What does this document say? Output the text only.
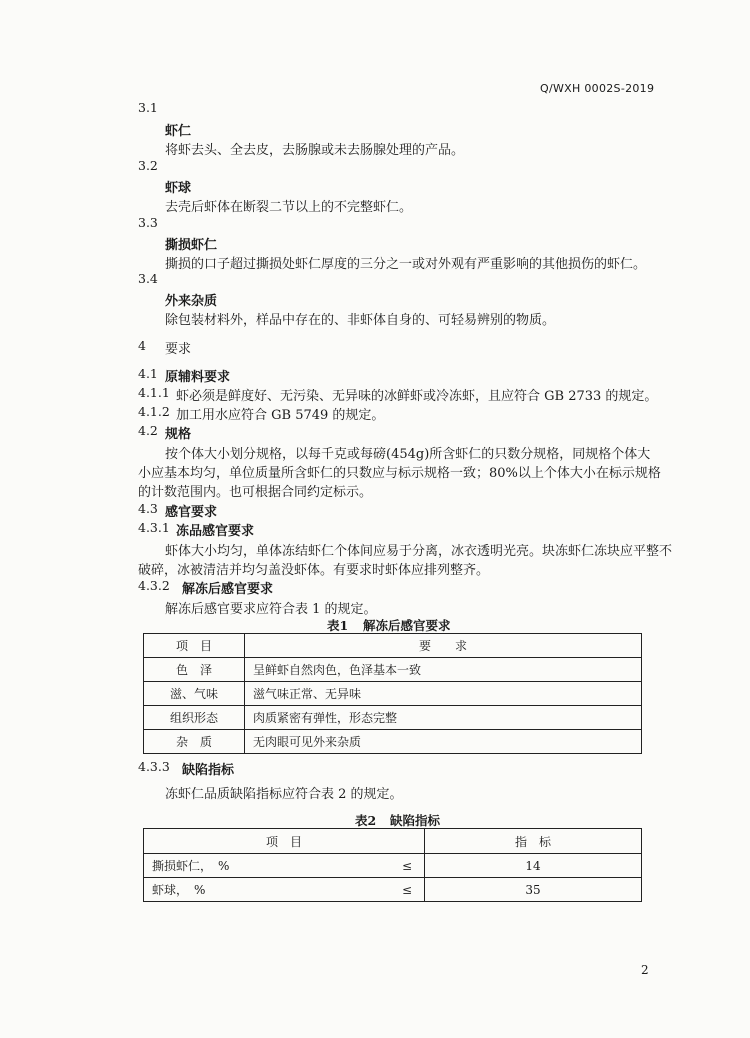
Q/WXH 0002S-2019
3.1
虾仁
将虾去头、全去皮，去肠腺或未去肠腺处理的产品。
3.2
虾球
去壳后虾体在断裂二节以上的不完整虾仁。
3.3
撕损虾仁
撕损的口子超过撕损处虾仁厚度的三分之一或对外观有严重影响的其他损伤的虾仁。
3.4
外来杂质
除包装材料外，样品中存在的、非虾体自身的、可轻易辨别的物质。
4 要求
4.1 原辅料要求
4.1.1 虾必须是鲜度好、无污染、无异味的冰鲜虾或冷冻虾，且应符合 GB 2733 的规定。
4.1.2 加工用水应符合 GB 5749 的规定。
4.2 规格
按个体大小划分规格，以每千克或每磅(454g)所含虾仁的只数分规格，同规格个体大
小应基本均匀，单位质量所含虾仁的只数应与标示规格一致；80%以上个体大小在标示规格
的计数范围内。也可根据合同约定标示。
4.3 感官要求
4.3.1 冻品感官要求
虾体大小均匀，单体冻结虾仁个体间应易于分离，冰衣透明光亮。块冻虾仁冻块应平整不
破碎，冰被清洁并均匀盖没虾体。有要求时虾体应排列整齐。
4.3.2 解冻后感官要求
解冻后感官要求应符合表 1 的规定。
表1 解冻后感官要求
项　目	要　　求
色　泽	呈鲜虾自然肉色，色泽基本一致
滋、气味	滋气味正常、无异味
组织形态	肉质紧密有弹性，形态完整
杂　质	无肉眼可见外来杂质
4.3.3 缺陷指标
冻虾仁品质缺陷指标应符合表 2 的规定。
表2 缺陷指标
项　目		指　标
撕损虾仁，　%	≤	14
虾球，　%	≤	35
2
